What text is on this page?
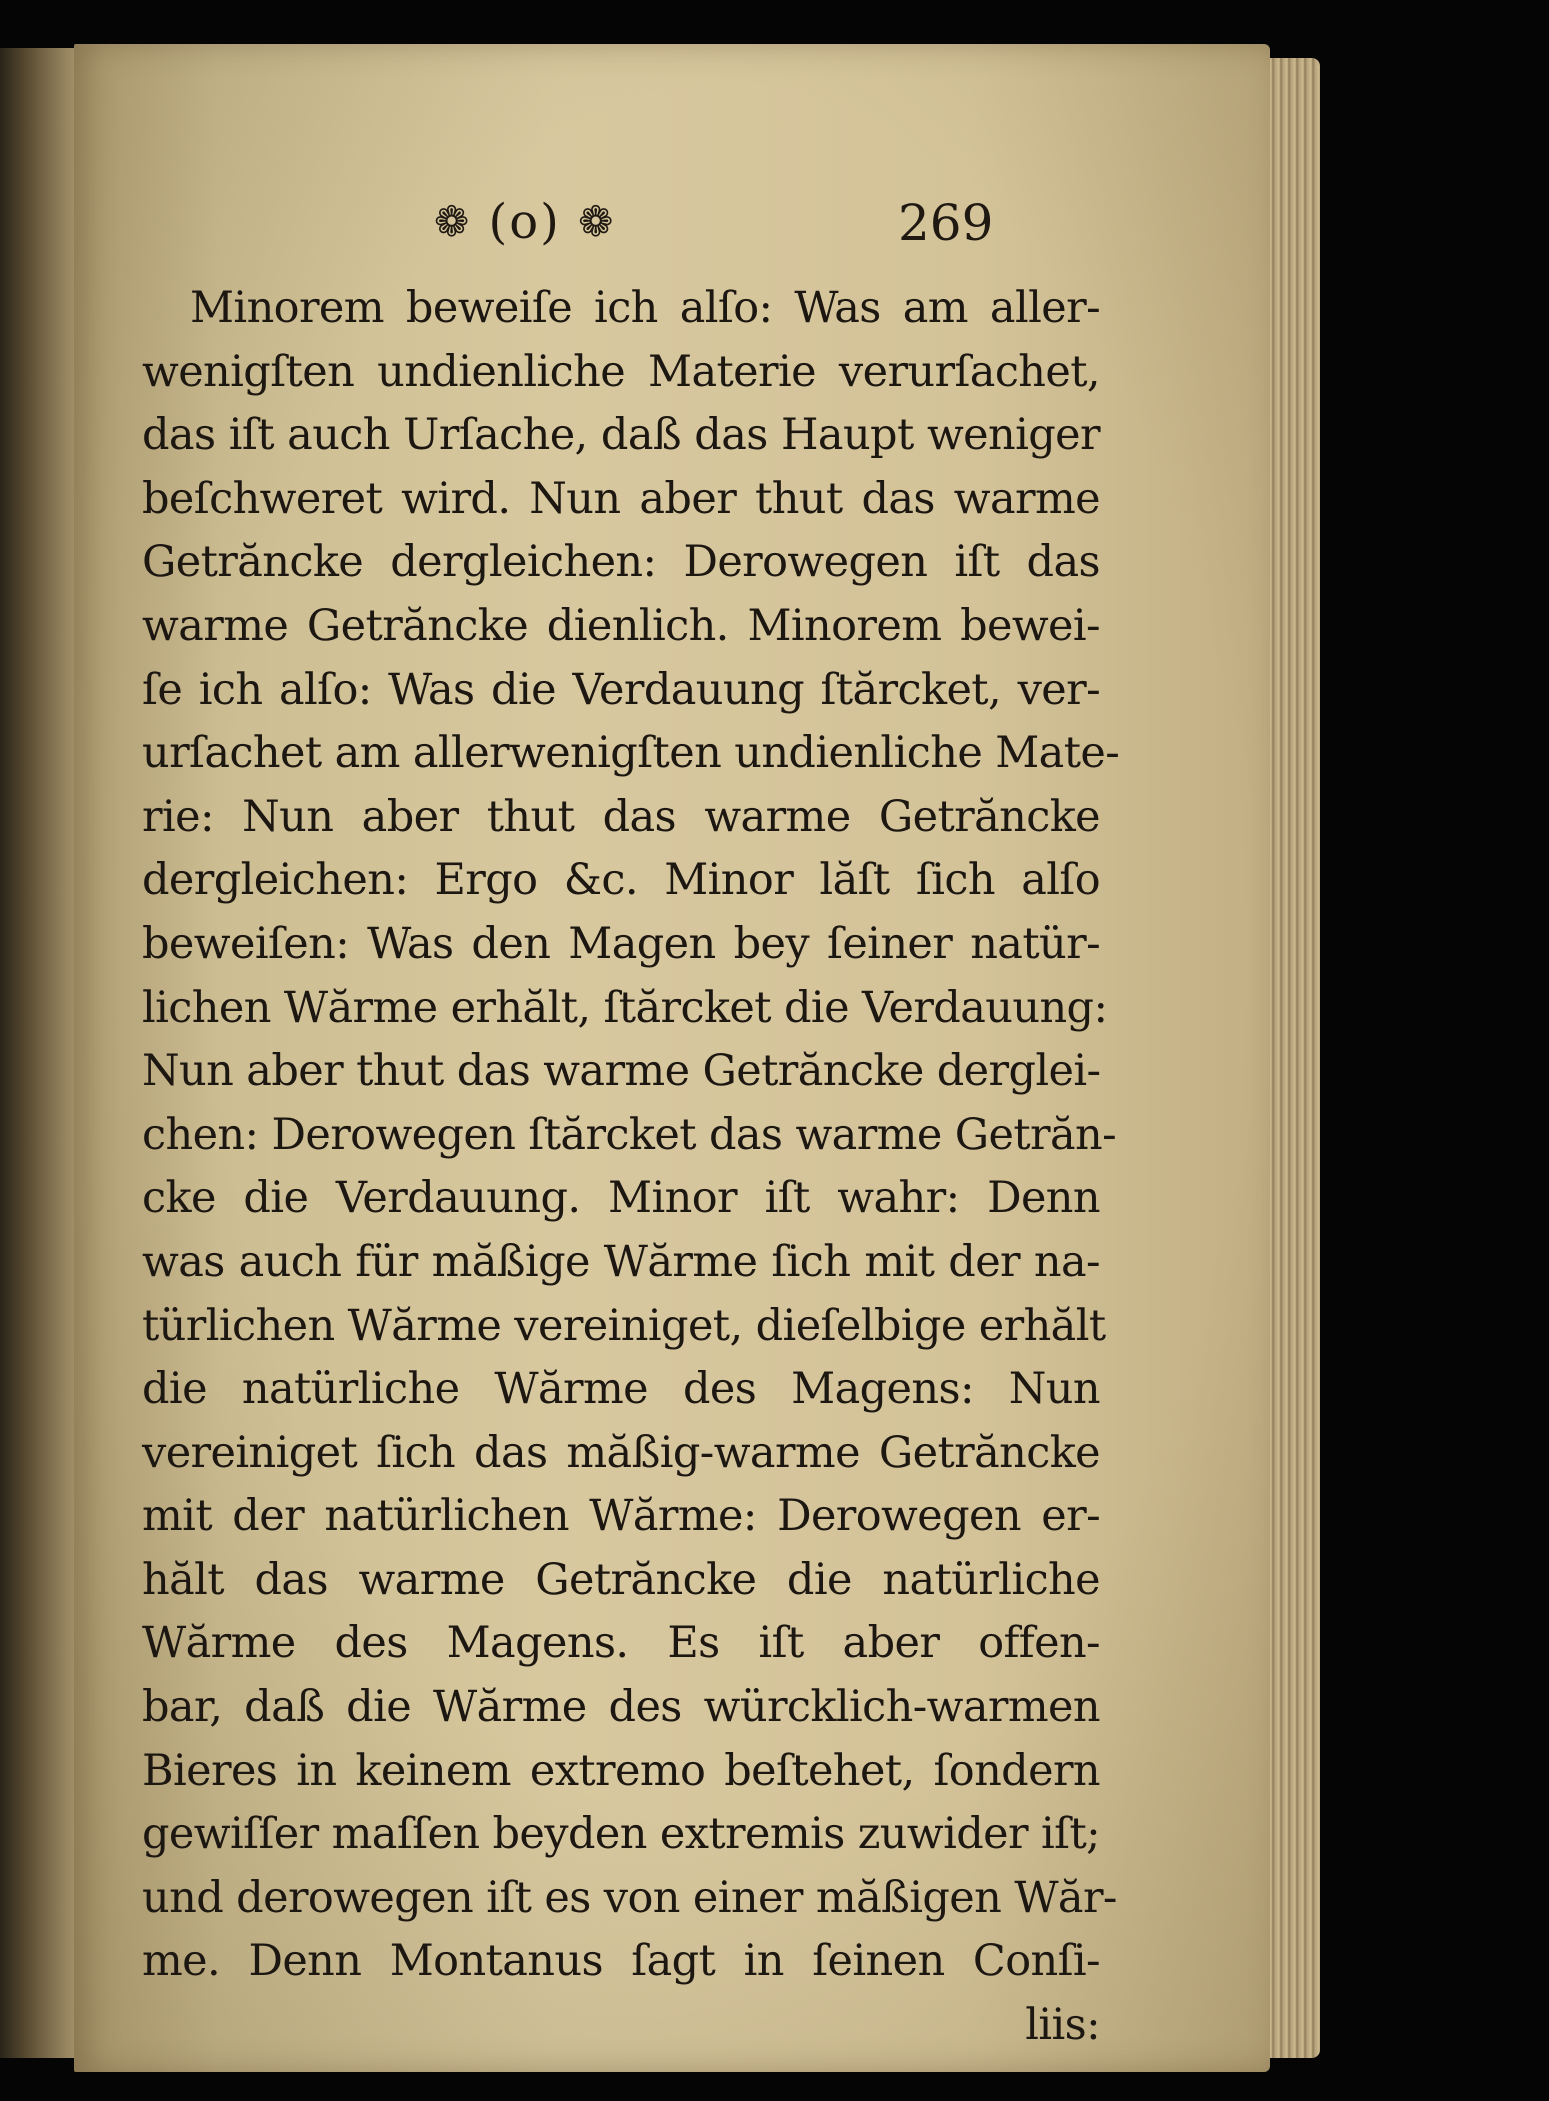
❁ (o) ❁	269
Minorem beweiſe ich alſo: Was am aller-
wenigſten undienliche Materie verurſachet,
das iſt auch Urſache, daß das Haupt weniger
beſchweret wird. Nun aber thut das warme
Getrăncke dergleichen: Derowegen iſt das
warme Getrăncke dienlich. Minorem bewei-
ſe ich alſo: Was die Verdauung ſtărcket, ver-
urſachet am allerwenigſten undienliche Mate-
rie: Nun aber thut das warme Getrăncke
dergleichen: Ergo &c. Minor lăſt ſich alſo
beweiſen: Was den Magen bey ſeiner natür-
lichen Wărme erhălt, ſtărcket die Verdauung:
Nun aber thut das warme Getrăncke derglei-
chen: Derowegen ſtărcket das warme Getrăn-
cke die Verdauung. Minor iſt wahr: Denn
was auch für măßige Wărme ſich mit der na-
türlichen Wărme vereiniget, dieſelbige erhălt
die natürliche Wărme des Magens: Nun
vereiniget ſich das măßig-warme Getrăncke
mit der natürlichen Wărme: Derowegen er-
hălt das warme Getrăncke die natürliche
Wărme des Magens. Es iſt aber offen-
bar, daß die Wărme des würcklich-warmen
Bieres in keinem extremo beſtehet, ſondern
gewiſſer maſſen beyden extremis zuwider iſt;
und derowegen iſt es von einer măßigen Wăr-
me. Denn Montanus ſagt in ſeinen Conſi-
liis:
